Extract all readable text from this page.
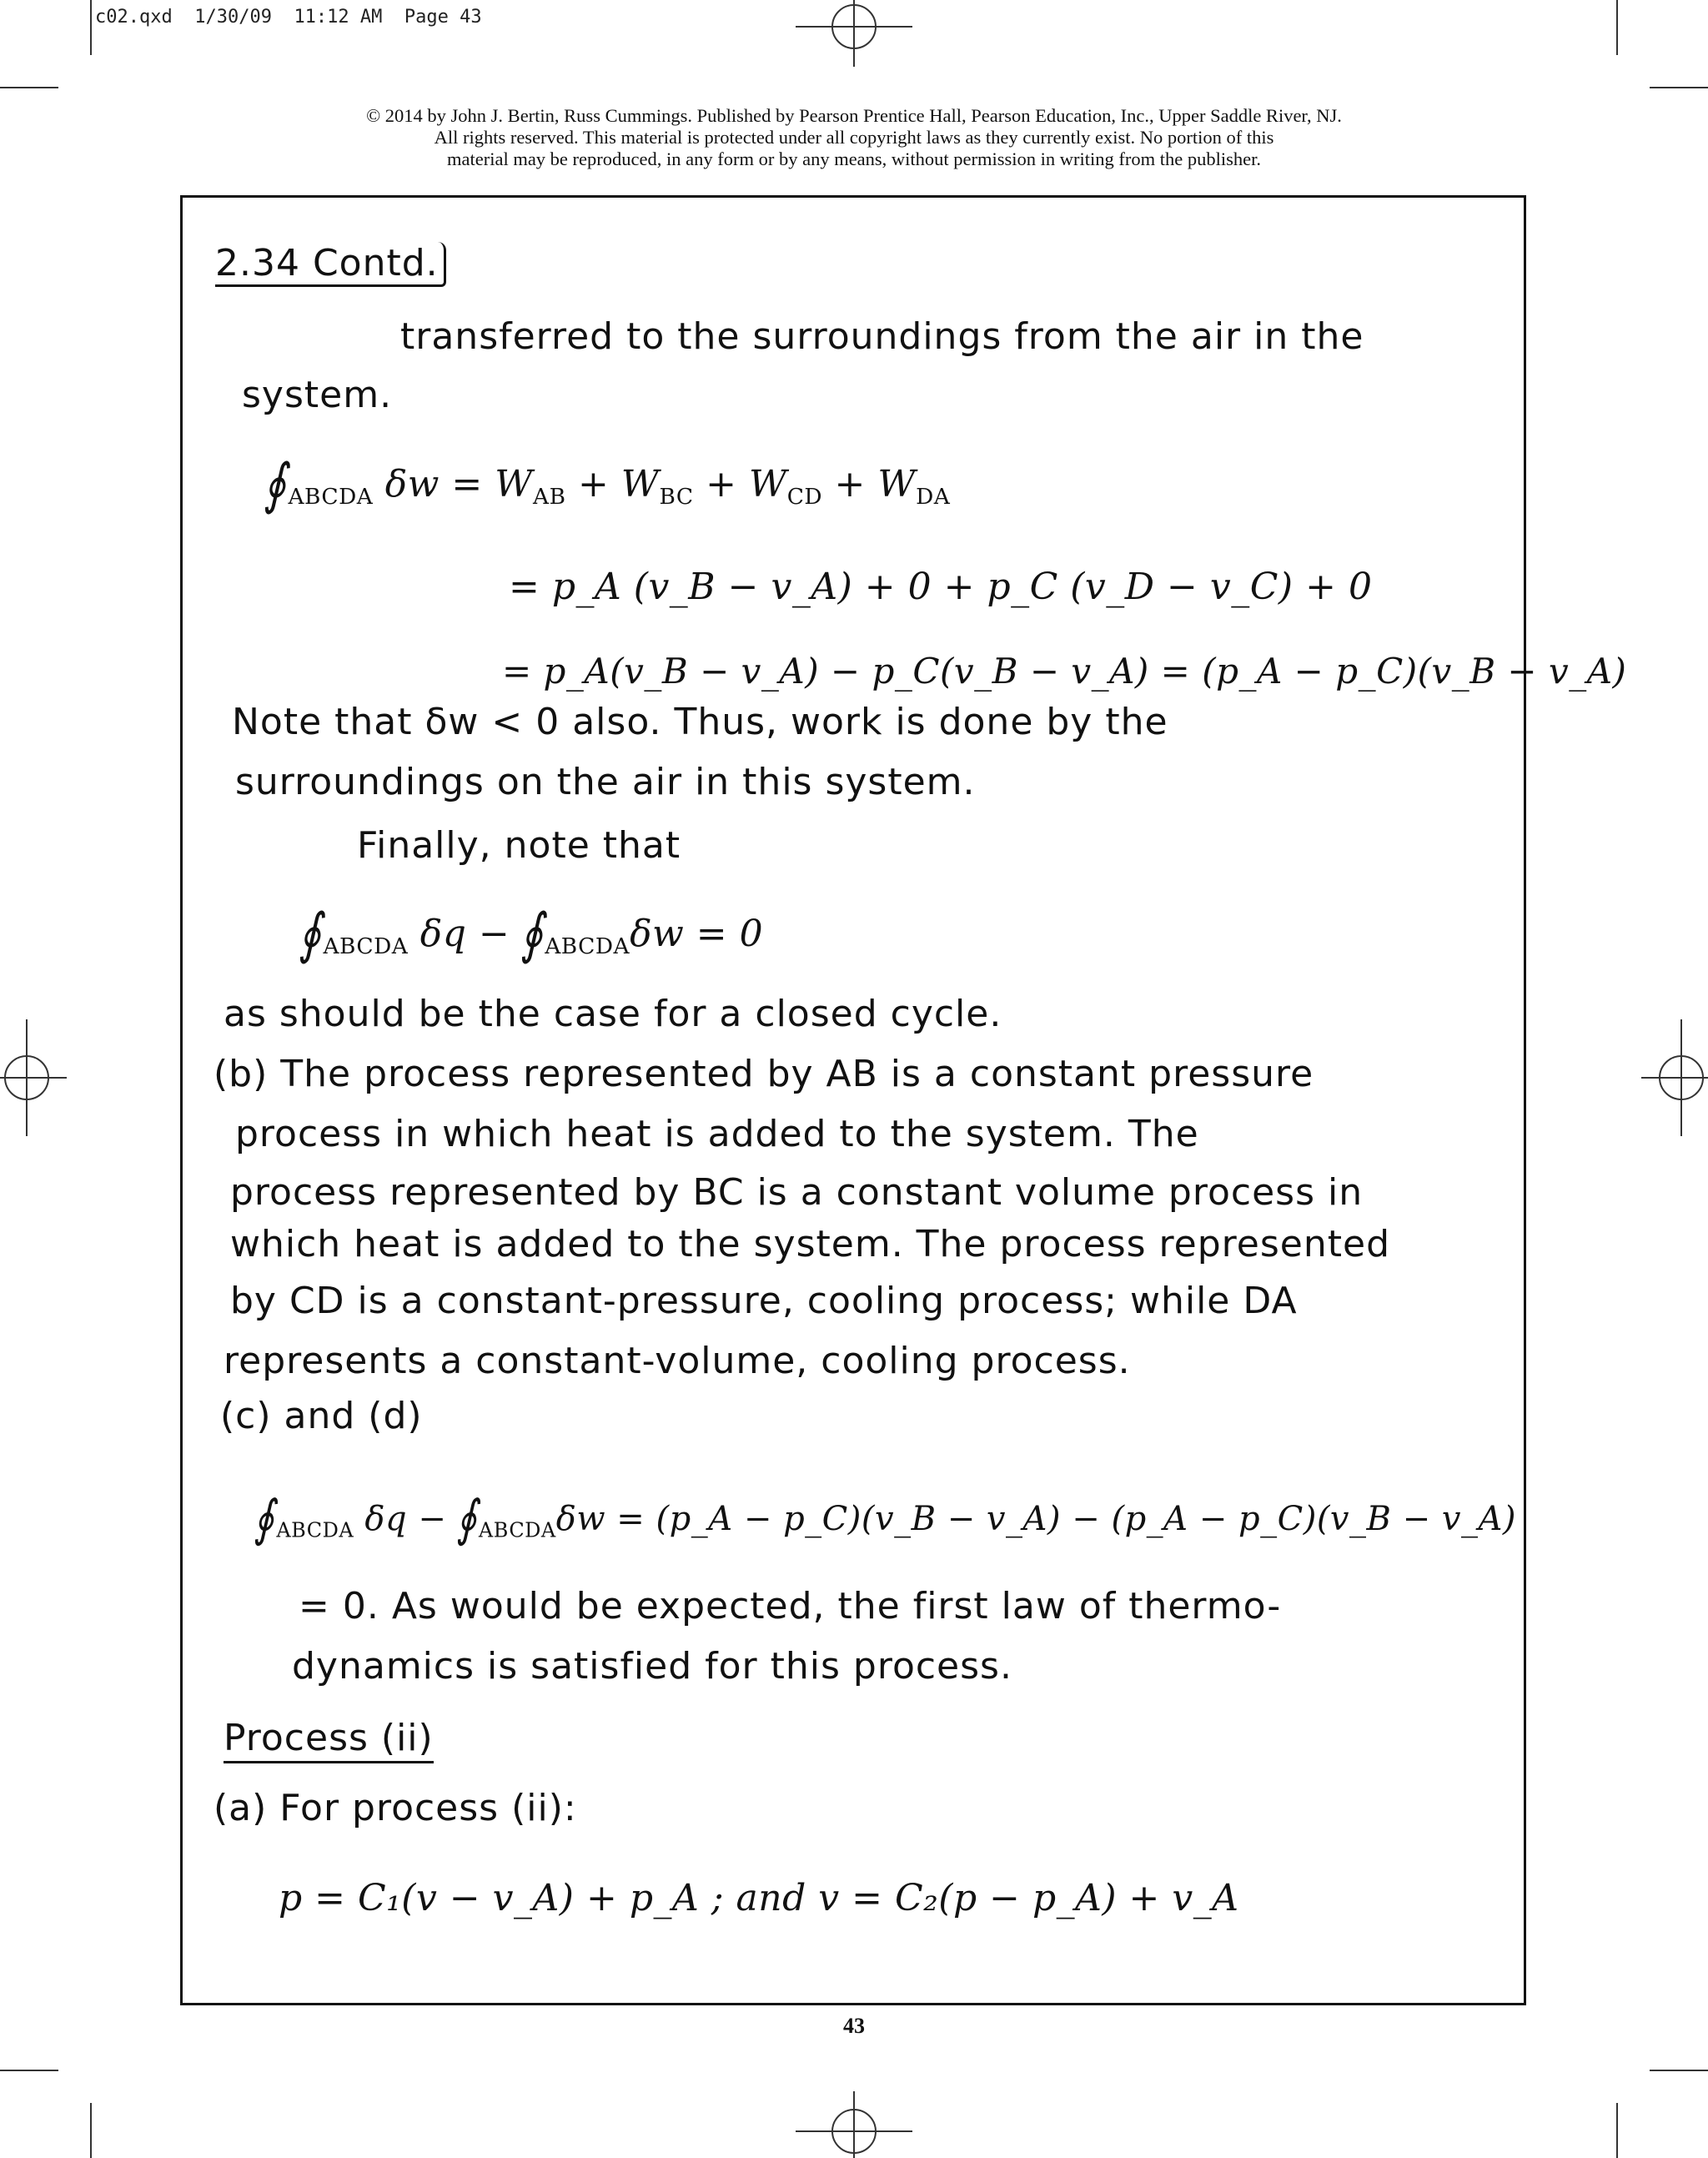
c02.qxd 1/30/09 11:12 AM Page 43
© 2014 by John J. Bertin, Russ Cummings. Published by Pearson Prentice Hall, Pearson Education, Inc., Upper Saddle River, NJ.
All rights reserved. This material is protected under all copyright laws as they currently exist. No portion of this
material may be reproduced, in any form or by any means, without permission in writing from the publisher.
2.34 Contd.
transferred to the surroundings from the air in the
system.
$∮_{ABCDA}$ $\delta w = W_{AB} + W_{BC} + W_{CD} + W_{DA}$
= p_A (v_B − v_A) + 0 + p_C (v_D − v_C) + 0
= p_A(v_B − v_A) − p_C(v_B − v_A) = (p_A − p_C)(v_B − v_A)
Note that δw < 0 also. Thus, work is done by the
surroundings on the air in this system.
Finally, note that
$∮_{ABCDA}$ $\delta q - ∮_{ABCDA}\delta w = 0$
as should be the case for a closed cycle.
(b) The process represented by AB is a constant pressure
process in which heat is added to the system. The
process represented by BC is a constant volume process in
which heat is added to the system. The process represented
by CD is a constant-pressure, cooling process; while DA
represents a constant-volume, cooling process.
(c) and (d)
$∮_{ABCDA}$ $\delta q - ∮_{ABCDA}\delta w$ = (p_A − p_C)(v_B − v_A) − (p_A − p_C)(v_B − v_A)
= 0. As would be expected, the first law of thermo-
dynamics is satisfied for this process.
Process (ii)
(a) For process (ii):
p = C₁(v − v_A) + p_A ; and v = C₂(p − p_A) + v_A
43
